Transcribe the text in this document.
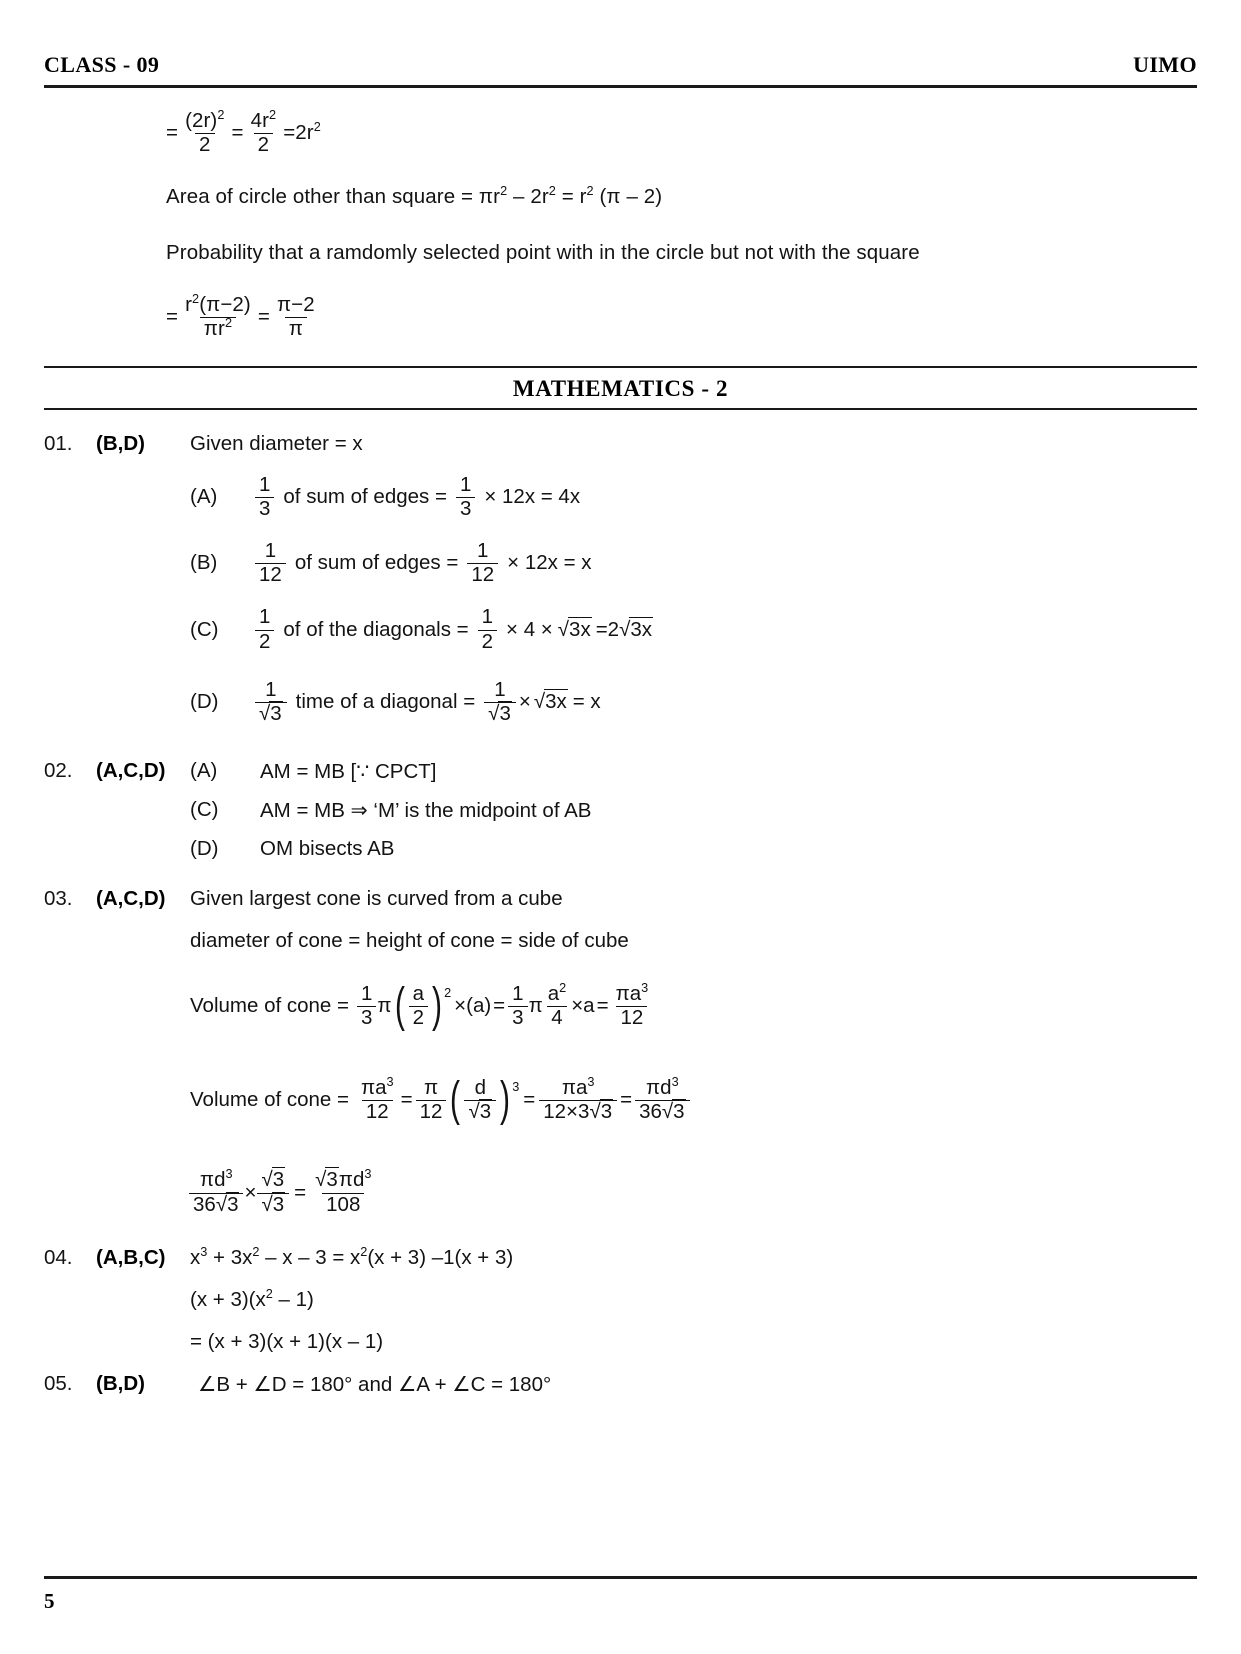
CLASS - 09	UIMO
= $\frac{(2r)^2}{2} = \frac{4r^2}{2} = 2r^2$
Area of circle other than square = $\pi r^2 - 2r^2 = r^2$ (π – 2)
Probability that a ramdomly selected point with in the circle but not with the square
= $\frac{r^2(\pi-2)}{\pi r^2} = \frac{\pi-2}{\pi}$
MATHEMATICS - 2
01.	(B,D)	Given diameter = x
(A)	$\frac{1}{3}$ of sum of edges = $\frac{1}{3} \times 12x = 4x$
(B)	$\frac{1}{12}$ of sum of edges = $\frac{1}{12} \times 12x = x$
(C)	$\frac{1}{2}$ of of the diagonals = $\frac{1}{2} \times 4 \times √3x =2$ √3x
(D)	$\frac{1}{√3}$ time of a diagonal = $\frac{1}{√3} \times √3x = x$
02.	(A,C,D)	(A)	AM = MB [∵ CPCT]
(C)	AM = MB ⇒ ‘M’ is the midpoint of AB
(D)	OM bisects AB
03.	(A,C,D)	Given largest cone is curved from a cube
diameter of cone = height of cone = side of cube
Volume of cone = $\frac{1}{3}$ π ( $\frac{a}{2}$ ) 2
$\times(a) = \frac{1}{3}$ π $\frac{a^2}{4} \times a = \frac{\pi a^3}{12}$
Volume of cone = $\frac{\pi a^3}{12} = \frac{\pi}{12}$ ( $\frac{d}{√3}$ ) 3
= $\frac{\pi a^3}{12\times 3√3} = \frac{\pi d^3}{36√3}$
$\frac{\pi d^3}{36√3} \times \frac{√3}{√3} = \frac{√3\pi d^3}{108}$
04.	(A,B,C)	$x^3 + 3x^2 - x - 3 = x^2(x + 3) -1(x + 3)$
$(x + 3)(x^2 - 1)$
= (x + 3)(x + 1)(x – 1)
05.	(B,D)	∠B + ∠D = 180° and ∠A + ∠C = 180°
5
